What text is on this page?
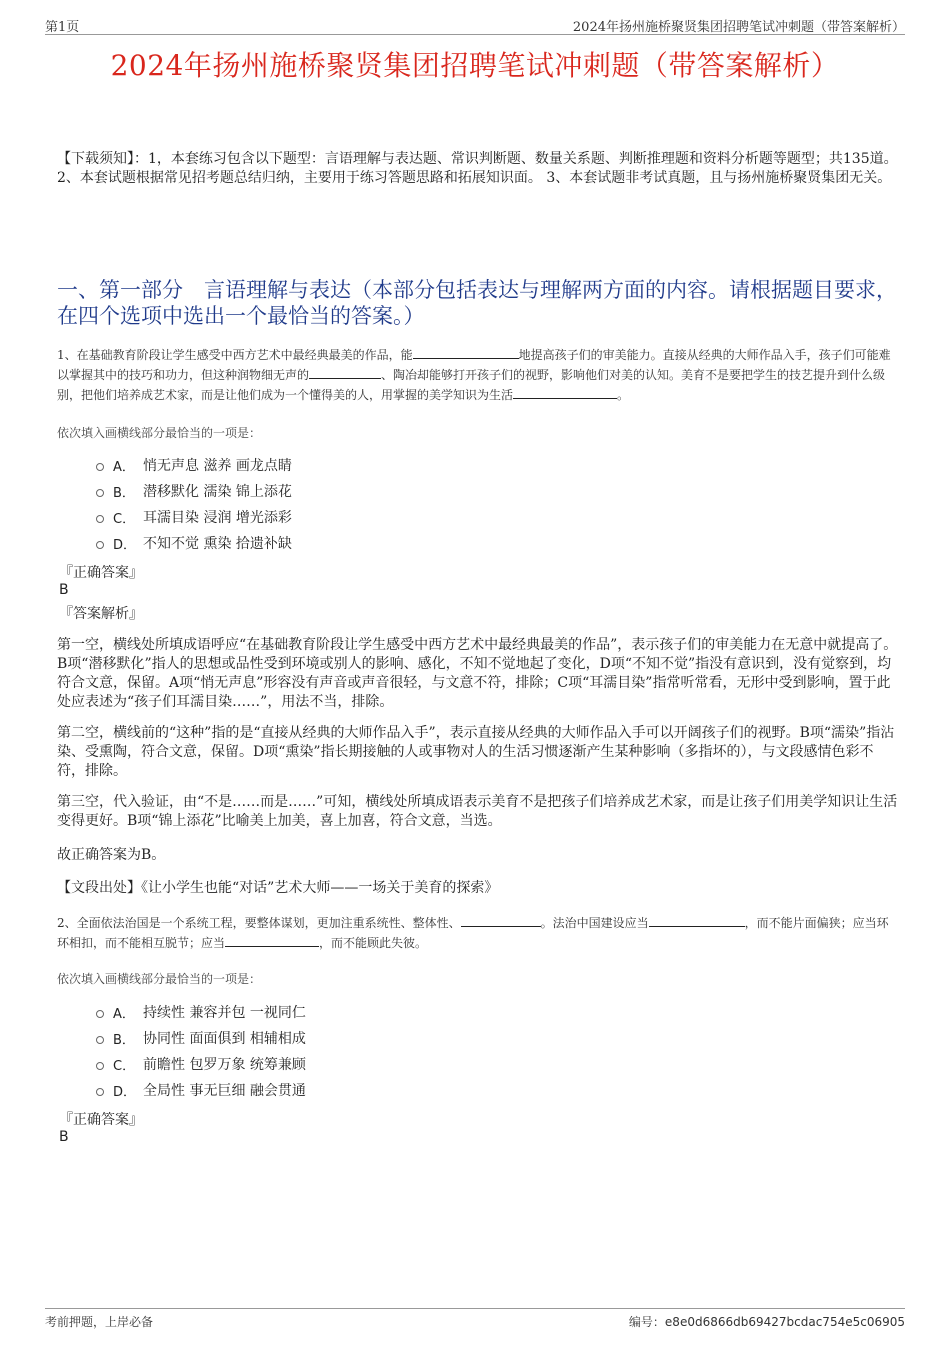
第1页	2024年扬州施桥聚贤集团招聘笔试冲刺题（带答案解析）
2024年扬州施桥聚贤集团招聘笔试冲刺题（带答案解析）
【下载须知】：1，本套练习包含以下题型：言语理解与表达题、常识判断题、数量关系题、判断推理题和资料分析题等题型；共135道。 2、本套试题根据常见招考题总结归纳，主要用于练习答题思路和拓展知识面。 3、本套试题非考试真题，且与扬州施桥聚贤集团无关。
一、第一部分　言语理解与表达（本部分包括表达与理解两方面的内容。请根据题目要求，在四个选项中选出一个最恰当的答案。）
1、在基础教育阶段让学生感受中西方艺术中最经典最美的作品，能	地提高孩子们的审美能力。直接从经典的大师作品入手，孩子们可能难以掌握其中的技巧和功力，但这种润物细无声的	、陶冶却能够打开孩子们的视野，影响他们对美的认知。美育不是要把学生的技艺提升到什么级别，把他们培养成艺术家，而是让他们成为一个懂得美的人，用掌握的美学知识为生活	。
依次填入画横线部分最恰当的一项是：
A． 悄无声息 滋养 画龙点睛
B． 潜移默化 濡染 锦上添花
C． 耳濡目染 浸润 增光添彩
D． 不知不觉 熏染 拾遗补缺
『正确答案』
B
『答案解析』
第一空，横线处所填成语呼应“在基础教育阶段让学生感受中西方艺术中最经典最美的作品”，表示孩子们的审美能力在无意中就提高了。B项“潜移默化”指人的思想或品性受到环境或别人的影响、感化，不知不觉地起了变化，D项“不知不觉”指没有意识到，没有觉察到，均符合文意，保留。A项“悄无声息”形容没有声音或声音很轻，与文意不符，排除；C项“耳濡目染”指常听常看，无形中受到影响，置于此处应表述为“孩子们耳濡目染……”，用法不当，排除。
第二空，横线前的“这种”指的是“直接从经典的大师作品入手”，表示直接从经典的大师作品入手可以开阔孩子们的视野。B项“濡染”指沾染、受熏陶，符合文意，保留。D项“熏染”指长期接触的人或事物对人的生活习惯逐渐产生某种影响（多指坏的），与文段感情色彩不符，排除。
第三空，代入验证，由“不是……而是……”可知，横线处所填成语表示美育不是把孩子们培养成艺术家，而是让孩子们用美学知识让生活变得更好。B项“锦上添花”比喻美上加美，喜上加喜，符合文意，当选。
故正确答案为B。
【文段出处】《让小学生也能“对话”艺术大师——一场关于美育的探索》
2、全面依法治国是一个系统工程，要整体谋划，更加注重系统性、整体性、	。法治中国建设应当	，而不能片面偏狭；应当环环相扣，而不能相互脱节；应当	，而不能顾此失彼。
依次填入画横线部分最恰当的一项是：
A． 持续性 兼容并包 一视同仁
B． 协同性 面面俱到 相辅相成
C． 前瞻性 包罗万象 统筹兼顾
D． 全局性 事无巨细 融会贯通
『正确答案』
B
考前押题，上岸必备	编号：e8e0d6866db69427bcdac754e5c06905
